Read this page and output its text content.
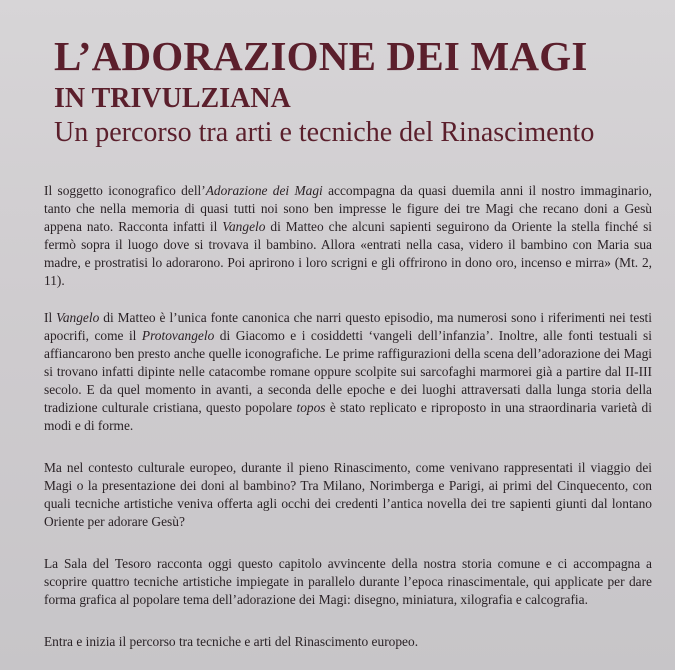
L’ADORAZIONE DEI MAGI
IN TRIVULZIANA
Un percorso tra arti e tecniche del Rinascimento

Il soggetto iconografico dell’Adorazione dei Magi accompagna da quasi duemila anni il nostro immaginario, tanto che nella memoria di quasi tutti noi sono ben impresse le figure dei tre Magi che recano doni a Gesù appena nato. Racconta infatti il Vangelo di Matteo che alcuni sapienti seguirono da Oriente la stella finché si fermò sopra il luogo dove si trovava il bambino. Allora «entrati nella casa, videro il bambino con Maria sua madre, e prostratisi lo adorarono. Poi aprirono i loro scrigni e gli offrirono in dono oro, incenso e mirra» (Mt. 2, 11).

Il Vangelo di Matteo è l’unica fonte canonica che narri questo episodio, ma numerosi sono i riferimenti nei testi apocrifi, come il Protovangelo di Giacomo e i cosiddetti ‘vangeli dell’infanzia’. Inoltre, alle fonti testuali si affiancarono ben presto anche quelle iconografiche. Le prime raffigurazioni della scena dell’adorazione dei Magi si trovano infatti dipinte nelle catacombe romane oppure scolpite sui sarcofaghi marmorei già a partire dal II-III secolo. E da quel momento in avanti, a seconda delle epoche e dei luoghi attraversati dalla lunga storia della tradizione culturale cristiana, questo popolare topos è stato replicato e riproposto in una straordinaria varietà di modi e di forme.

Ma nel contesto culturale europeo, durante il pieno Rinascimento, come venivano rappresentati il viaggio dei Magi o la presentazione dei doni al bambino? Tra Milano, Norimberga e Parigi, ai primi del Cinquecento, con quali tecniche artistiche veniva offerta agli occhi dei credenti l’antica novella dei tre sapienti giunti dal lontano Oriente per adorare Gesù?

La Sala del Tesoro racconta oggi questo capitolo avvincente della nostra storia comune e ci accompagna a scoprire quattro tecniche artistiche impiegate in parallelo durante l’epoca rinascimentale, qui applicate per dare forma grafica al popolare tema dell’adorazione dei Magi: disegno, miniatura, xilografia e calcografia.

Entra e inizia il percorso tra tecniche e arti del Rinascimento europeo.
